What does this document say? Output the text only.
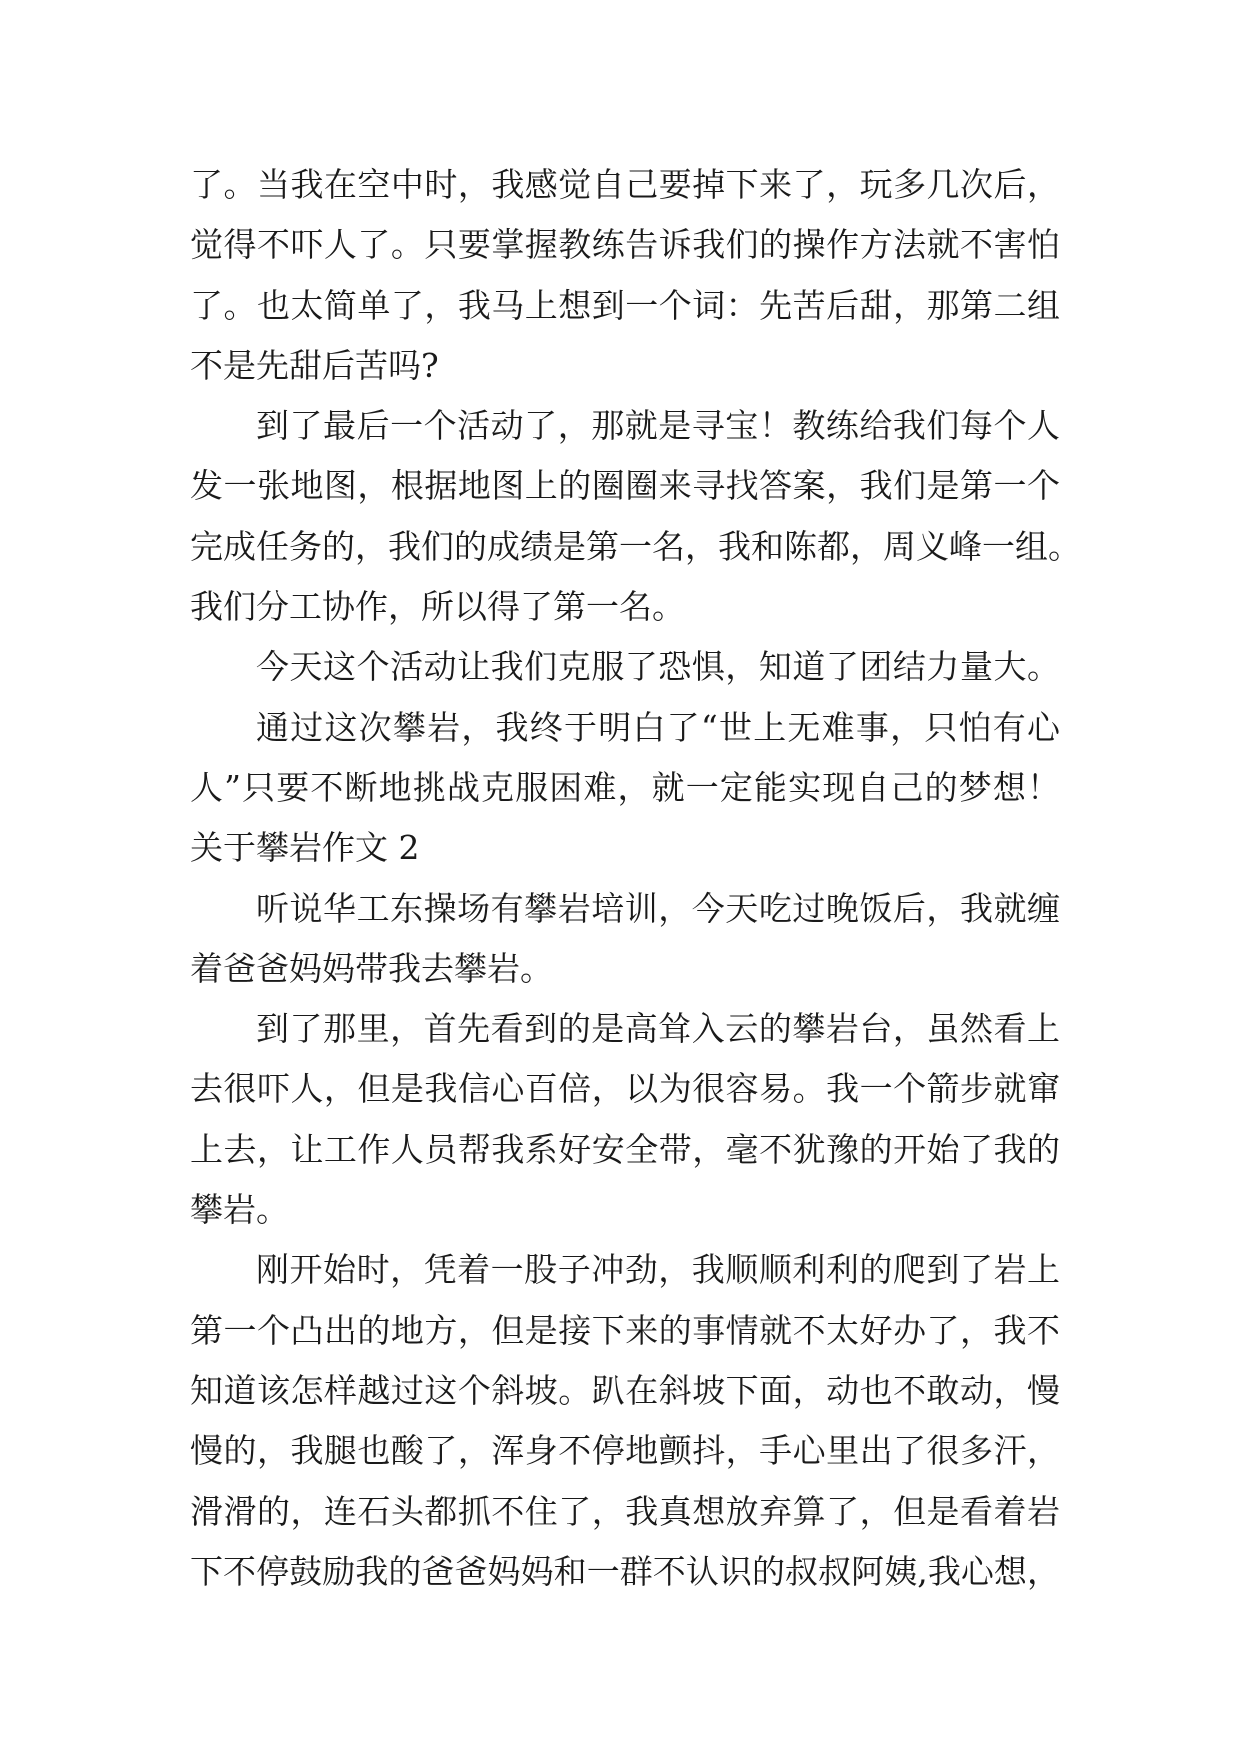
了。当我在空中时，我感觉自己要掉下来了，玩多几次后，
觉得不吓人了。只要掌握教练告诉我们的操作方法就不害怕
了。也太简单了，我马上想到一个词：先苦后甜，那第二组
不是先甜后苦吗?
到了最后一个活动了，那就是寻宝！教练给我们每个人
发一张地图，根据地图上的圈圈来寻找答案，我们是第一个
完成任务的，我们的成绩是第一名，我和陈都，周义峰一组。
我们分工协作，所以得了第一名。
今天这个活动让我们克服了恐惧，知道了团结力量大。
通过这次攀岩，我终于明白了“世上无难事，只怕有心
人”只要不断地挑战克服困难，就一定能实现自己的梦想！
关于攀岩作文 2
听说华工东操场有攀岩培训，今天吃过晚饭后，我就缠
着爸爸妈妈带我去攀岩。
到了那里，首先看到的是高耸入云的攀岩台，虽然看上
去很吓人，但是我信心百倍，以为很容易。我一个箭步就窜
上去，让工作人员帮我系好安全带，毫不犹豫的开始了我的
攀岩。
刚开始时，凭着一股子冲劲，我顺顺利利的爬到了岩上
第一个凸出的地方，但是接下来的事情就不太好办了，我不
知道该怎样越过这个斜坡。趴在斜坡下面，动也不敢动，慢
慢的，我腿也酸了，浑身不停地颤抖，手心里出了很多汗，
滑滑的，连石头都抓不住了，我真想放弃算了，但是看着岩
下不停鼓励我的爸爸妈妈和一群不认识的叔叔阿姨,我心想，
